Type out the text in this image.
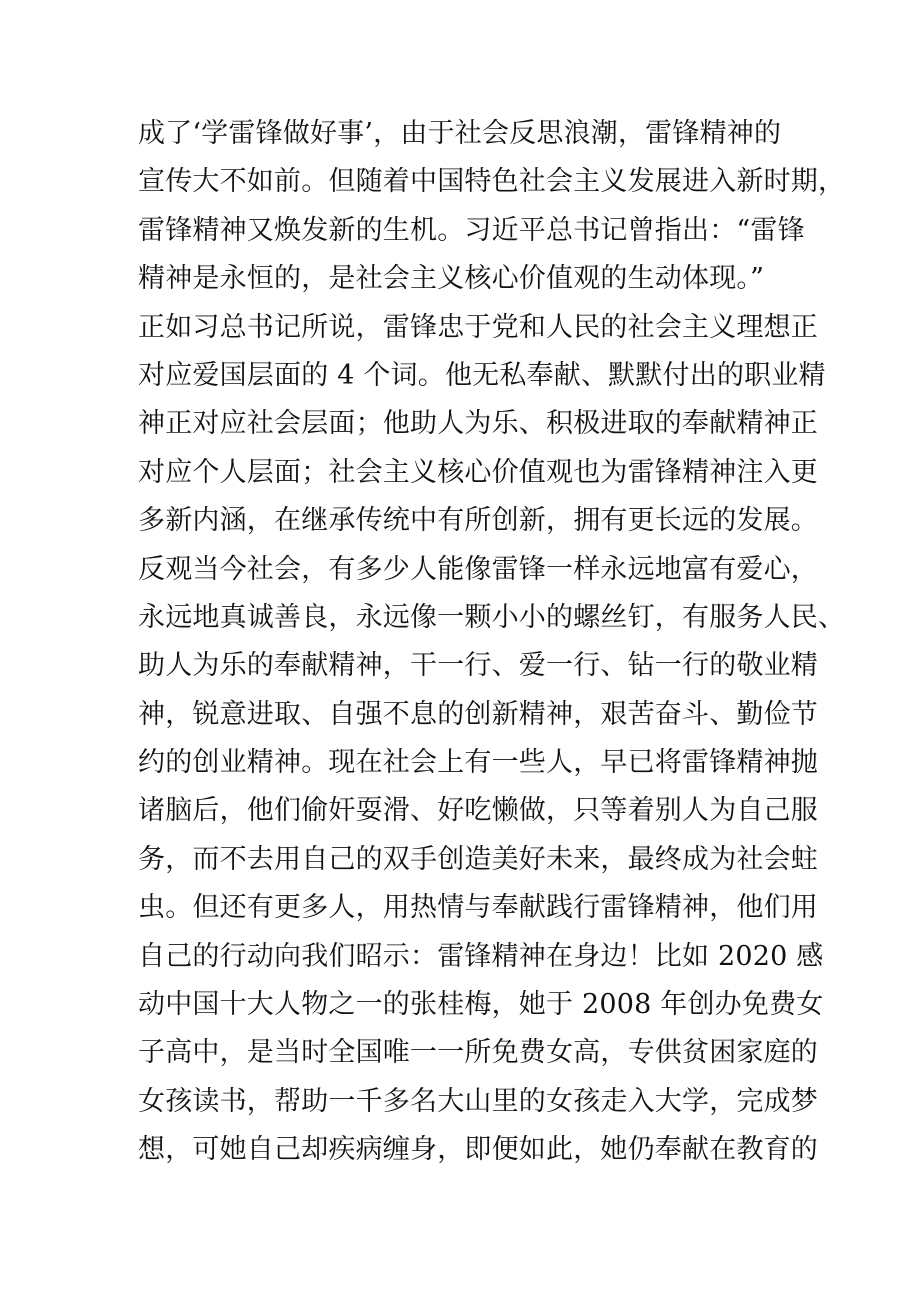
成了‘学雷锋做好事’，由于社会反思浪潮，雷锋精神的
宣传大不如前。但随着中国特色社会主义发展进入新时期，
雷锋精神又焕发新的生机。习近平总书记曾指出：“雷锋
精神是永恒的，是社会主义核心价值观的生动体现。”
正如习总书记所说，雷锋忠于党和人民的社会主义理想正
对应爱国层面的 4 个词。他无私奉献、默默付出的职业精
神正对应社会层面；他助人为乐、积极进取的奉献精神正
对应个人层面；社会主义核心价值观也为雷锋精神注入更
多新内涵，在继承传统中有所创新，拥有更长远的发展。
反观当今社会，有多少人能像雷锋一样永远地富有爱心，
永远地真诚善良，永远像一颗小小的螺丝钉，有服务人民、
助人为乐的奉献精神，干一行、爱一行、钻一行的敬业精
神，锐意进取、自强不息的创新精神，艰苦奋斗、勤俭节
约的创业精神。现在社会上有一些人，早已将雷锋精神抛
诸脑后，他们偷奸耍滑、好吃懒做，只等着别人为自己服
务，而不去用自己的双手创造美好未来，最终成为社会蛀
虫。但还有更多人，用热情与奉献践行雷锋精神，他们用
自己的行动向我们昭示：雷锋精神在身边！比如 2020 感
动中国十大人物之一的张桂梅，她于 2008 年创办免费女
子高中，是当时全国唯一一所免费女高，专供贫困家庭的
女孩读书，帮助一千多名大山里的女孩走入大学，完成梦
想，可她自己却疾病缠身，即便如此，她仍奉献在教育的
